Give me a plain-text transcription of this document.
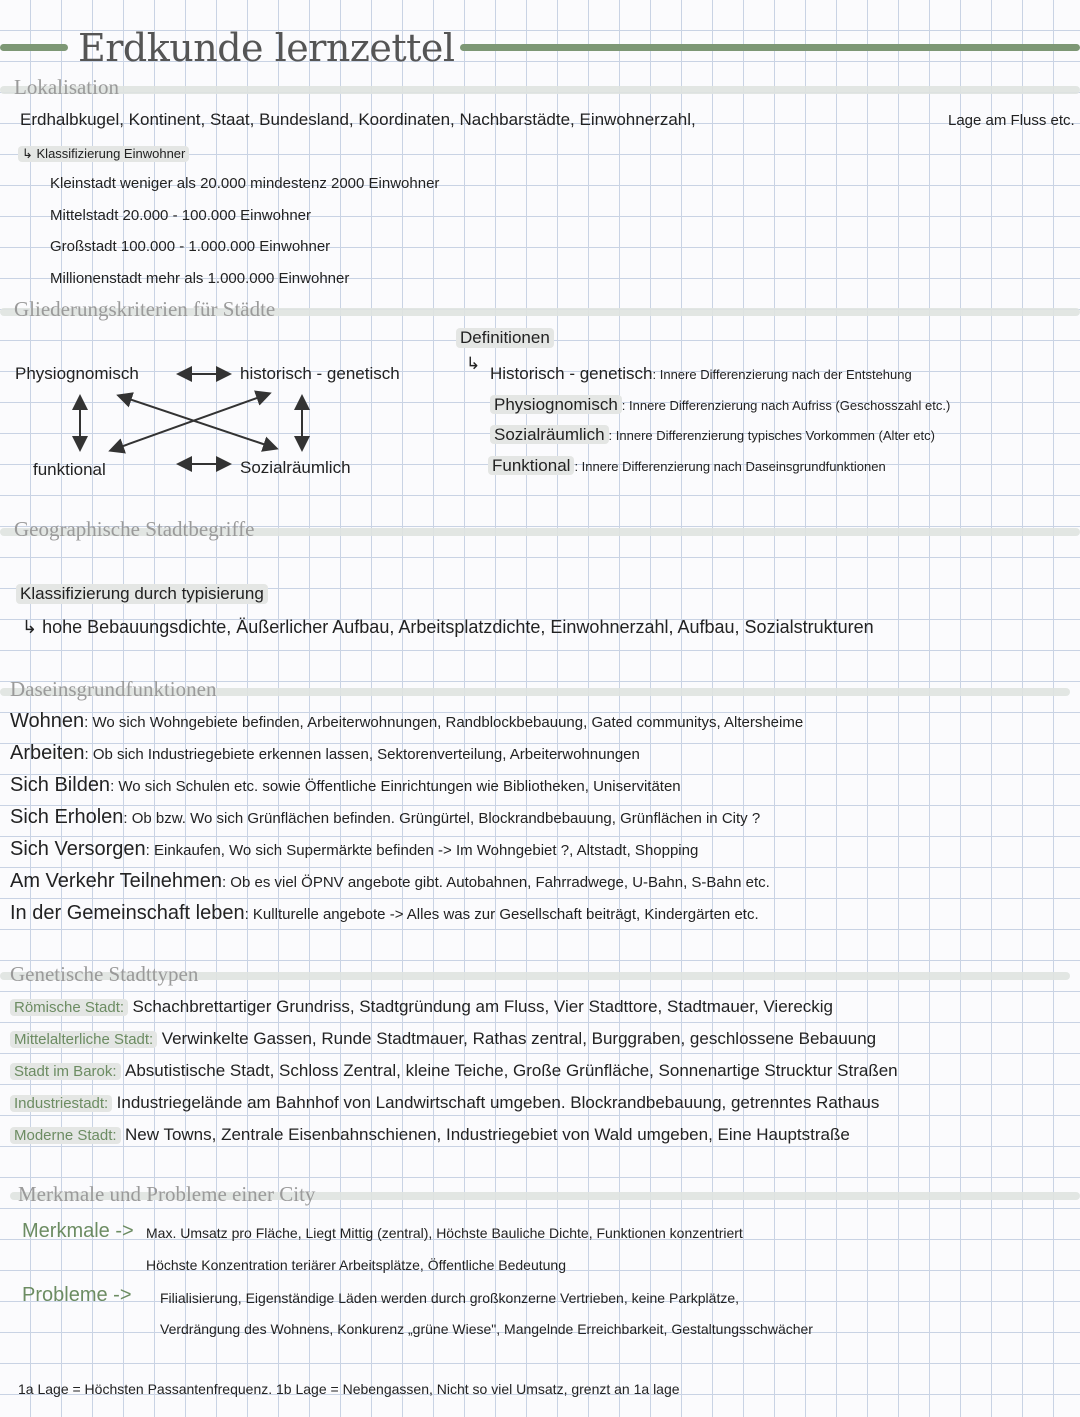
Erdkunde lernzettel
Lokalisation
Erdhalbkugel, Kontinent, Staat, Bundesland, Koordinaten, Nachbarstädte, Einwohnerzahl,	Lage am Fluss etc.
↳ Klassifizierung Einwohner
Kleinstadt weniger als 20.000 mindestenz 2000 Einwohner
Mittelstadt 20.000 - 100.000 Einwohner
Großstadt 100.000 - 1.000.000 Einwohner
Millionenstadt mehr als 1.000.000 Einwohner
Gliederungskriterien für Städte
Physiognomisch	historisch - genetisch
funktional	Sozialräumlich
Definitionen
↳
Historisch - genetisch: Innere Differenzierung nach der Entstehung
Physiognomisch : Innere Differenzierung nach Aufriss (Geschosszahl etc.)
Sozialräumlich : Innere Differenzierung typisches Vorkommen (Alter etc)
Funktional : Innere Differenzierung nach Daseinsgrundfunktionen
Geographische Stadtbegriffe
Klassifizierung durch typisierung
↳ hohe Bebauungsdichte, Äußerlicher Aufbau, Arbeitsplatzdichte, Einwohnerzahl, Aufbau, Sozialstrukturen
Daseinsgrundfunktionen
Wohnen: Wo sich Wohngebiete befinden, Arbeiterwohnungen, Randblockbebauung, Gated communitys, Altersheime
Arbeiten: Ob sich Industriegebiete erkennen lassen, Sektorenverteilung, Arbeiterwohnungen
Sich Bilden: Wo sich Schulen etc. sowie Öffentliche Einrichtungen wie Bibliotheken, Uniservitäten
Sich Erholen: Ob bzw. Wo sich Grünflächen befinden. Grüngürtel, Blockrandbebauung, Grünflächen in City ?
Sich Versorgen: Einkaufen, Wo sich Supermärkte befinden -> Im Wohngebiet ?, Altstadt, Shopping
Am Verkehr Teilnehmen: Ob es viel ÖPNV angebote gibt. Autobahnen, Fahrradwege, U-Bahn, S-Bahn etc.
In der Gemeinschaft leben: Kullturelle angebote -> Alles was zur Gesellschaft beiträgt, Kindergärten etc.
Genetische Stadttypen
Römische Stadt: Schachbrettartiger Grundriss, Stadtgründung am Fluss, Vier Stadttore, Stadtmauer, Viereckig
Mittelalterliche Stadt: Verwinkelte Gassen, Runde Stadtmauer, Rathas zentral, Burggraben, geschlossene Bebauung
Stadt im Barok: Absutistische Stadt, Schloss Zentral, kleine Teiche, Große Grünfläche, Sonnenartige Strucktur Straßen
Industriestadt: Industriegelände am Bahnhof von Landwirtschaft umgeben. Blockrandbebauung, getrenntes Rathaus
Moderne Stadt: New Towns, Zentrale Eisenbahnschienen, Industriegebiet von Wald umgeben, Eine Hauptstraße
Merkmale und Probleme einer City
Merkmale -> Max. Umsatz pro Fläche, Liegt Mittig (zentral), Höchste Bauliche Dichte, Funktionen konzentriert
Höchste Konzentration teriärer Arbeitsplätze, Öffentliche Bedeutung
Probleme -> Filialisierung, Eigenständige Läden werden durch großkonzerne Vertrieben, keine Parkplätze,
Verdrängung des Wohnens, Konkurenz „grüne Wiese", Mangelnde Erreichbarkeit, Gestaltungsschwächer
1a Lage = Höchsten Passantenfrequenz. 1b Lage = Nebengassen, Nicht so viel Umsatz, grenzt an 1a lage
